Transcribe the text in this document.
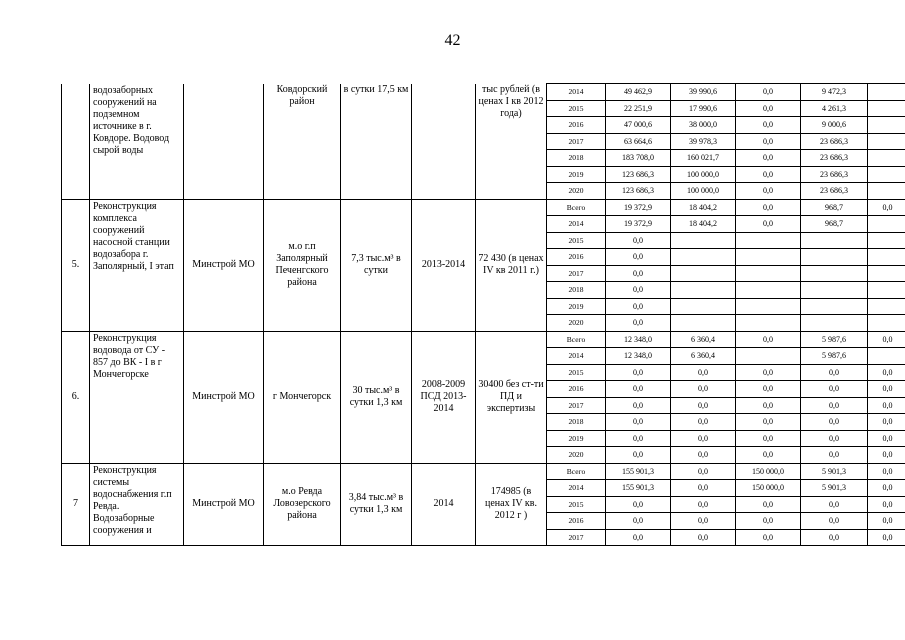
42
	водозаборных сооружений на подземном источнике в г. Ковдоре. Водовод сырой воды		Ковдорский район	в сутки 17,5 км		тыс рублей (в ценах I кв 2012 года)	2014	49 462,9	39 990,6	0,0	9 472,3	
							2015	22 251,9	17 990,6	0,0	4 261,3	
							2016	47 000,6	38 000,0	0,0	9 000,6	
							2017	63 664,6	39 978,3	0,0	23 686,3	
							2018	183 708,0	160 021,7	0,0	23 686,3	
							2019	123 686,3	100 000,0	0,0	23 686,3	
							2020	123 686,3	100 000,0	0,0	23 686,3	
5.	Реконструкция комплекса сооружений насосной станции водозабора г. Заполярный, I этап	Минстрой МО	м.о г.п Заполярный Печенгского района	7,3 тыс.м³ в сутки	2013-2014	72 430 (в ценах IV кв 2011 г.)	Всего	19 372,9	18 404,2	0,0	968,7	0,0
							2014	19 372,9	18 404,2	0,0	968,7	
							2015	0,0				
							2016	0,0				
							2017	0,0				
							2018	0,0				
							2019	0,0				
							2020	0,0				
6.	Реконструкция водовода от СУ - 857 до ВК - I в г Мончегорске	Минстрой МО	г Мончегорск	30 тыс.м³ в сутки 1,3 км	2008-2009 ПСД 2013-2014	30400 без ст-ти ПД и экспертизы	Всего	12 348,0	6 360,4	0,0	5 987,6	0,0
							2014	12 348,0	6 360,4		5 987,6	
							2015	0,0	0,0	0,0	0,0	0,0
							2016	0,0	0,0	0,0	0,0	0,0
							2017	0,0	0,0	0,0	0,0	0,0
							2018	0,0	0,0	0,0	0,0	0,0
							2019	0,0	0,0	0,0	0,0	0,0
							2020	0,0	0,0	0,0	0,0	0,0
7	Реконструкция системы водоснабжения г.п Ревда. Водозаборные сооружения и	Минстрой МО	м.о Ревда Ловозерского района	3,84 тыс.м³ в сутки 1,3 км	2014	174985 (в ценах IV кв. 2012 г )	Всего	155 901,3	0,0	150 000,0	5 901,3	0,0
							2014	155 901,3	0,0	150 000,0	5 901,3	0,0
							2015	0,0	0,0	0,0	0,0	0,0
							2016	0,0	0,0	0,0	0,0	0,0
							2017	0,0	0,0	0,0	0,0	0,0
